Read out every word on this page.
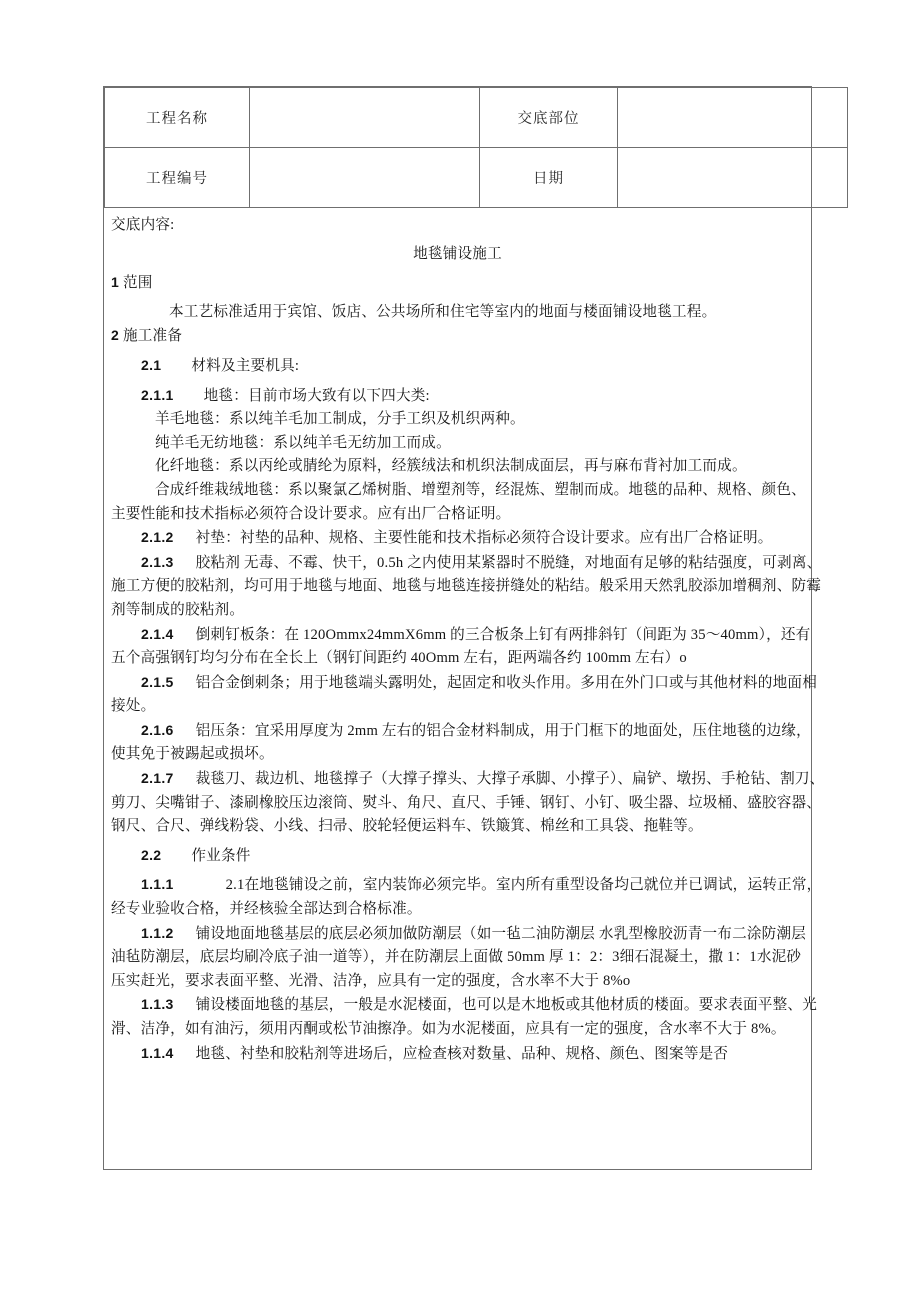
工程名称		交底部位	
工程编号		日期	
交底内容:
地毯铺设施工
1 范围
本工艺标准适用于宾馆、饭店、公共场所和住宅等室内的地面与楼面铺设地毯工程。
2 施工准备
2.1 材料及主要机具:
2.1.1 地毯：目前市场大致有以下四大类:
羊毛地毯：系以纯羊毛加工制成，分手工织及机织两种。
纯羊毛无纺地毯：系以纯羊毛无纺加工而成。
化纤地毯：系以丙纶或腈纶为原料，经簇绒法和机织法制成面层，再与麻布背衬加工而成。
合成纤维栽绒地毯：系以聚氯乙烯树脂、增塑剂等，经混炼、塑制而成。地毯的品种、规格、颜色、
主要性能和技术指标必须符合设计要求。应有出厂合格证明。
2.1.2 衬垫：衬垫的品种、规格、主要性能和技术指标必须符合设计要求。应有出厂合格证明。
2.1.3 胶粘剂 无毒、不霉、快干，0.5h 之内使用某紧器时不脱缝，对地面有足够的粘结强度，可剥离、
施工方便的胶粘剂，均可用于地毯与地面、地毯与地毯连接拼缝处的粘结。般采用天然乳胶添加增稠剂、防霉
剂等制成的胶粘剂。
2.1.4 倒刺钉板条：在 120Ommx24mmX6mm 的三合板条上钉有两排斜钉（间距为 35～40mm），还有
五个高强钢钉均匀分布在全长上（钢钉间距约 40Omm 左右，距两端各约 100mm 左右）o
2.1.5 铝合金倒刺条；用于地毯端头露明处，起固定和收头作用。多用在外门口或与其他材料的地面相
接处。
2.1.6 铝压条：宜采用厚度为 2mm 左右的铝合金材料制成，用于门框下的地面处，压住地毯的边缘，
使其免于被踢起或损坏。
2.1.7 裁毯刀、裁边机、地毯撑子（大撑子撑头、大撑子承脚、小撑子）、扁铲、墩拐、手枪钻、割刀、
剪刀、尖嘴钳子、漆刷橡胶压边滚筒、熨斗、角尺、直尺、手锤、钢钉、小钉、吸尘器、垃圾桶、盛胶容器、
钢尺、合尺、弹线粉袋、小线、扫帚、胶轮轻便运料车、铁簸箕、棉丝和工具袋、拖鞋等。
2.2 作业条件
1.1.1	2.1在地毯铺设之前，室内装饰必须完毕。室内所有重型设备均己就位并已调试，运转正常，
经专业验收合格，并经核验全部达到合格标准。
1.1.2 铺设地面地毯基层的底层必须加做防潮层（如一毡二油防潮层 水乳型橡胶沥青一布二涂防潮层
油毡防潮层，底层均刷冷底子油一道等），并在防潮层上面做 50mm 厚 1：2：3细石混凝土，撒 1：1水泥砂
压实赶光，要求表面平整、光滑、洁净，应具有一定的强度，含水率不大于 8%o
1.1.3 铺设楼面地毯的基层，一般是水泥楼面，也可以是木地板或其他材质的楼面。要求表面平整、光
滑、洁净，如有油污，须用丙酮或松节油擦净。如为水泥楼面，应具有一定的强度，含水率不大于 8%。
1.1.4 地毯、衬垫和胶粘剂等进场后，应检查核对数量、品种、规格、颜色、图案等是否
